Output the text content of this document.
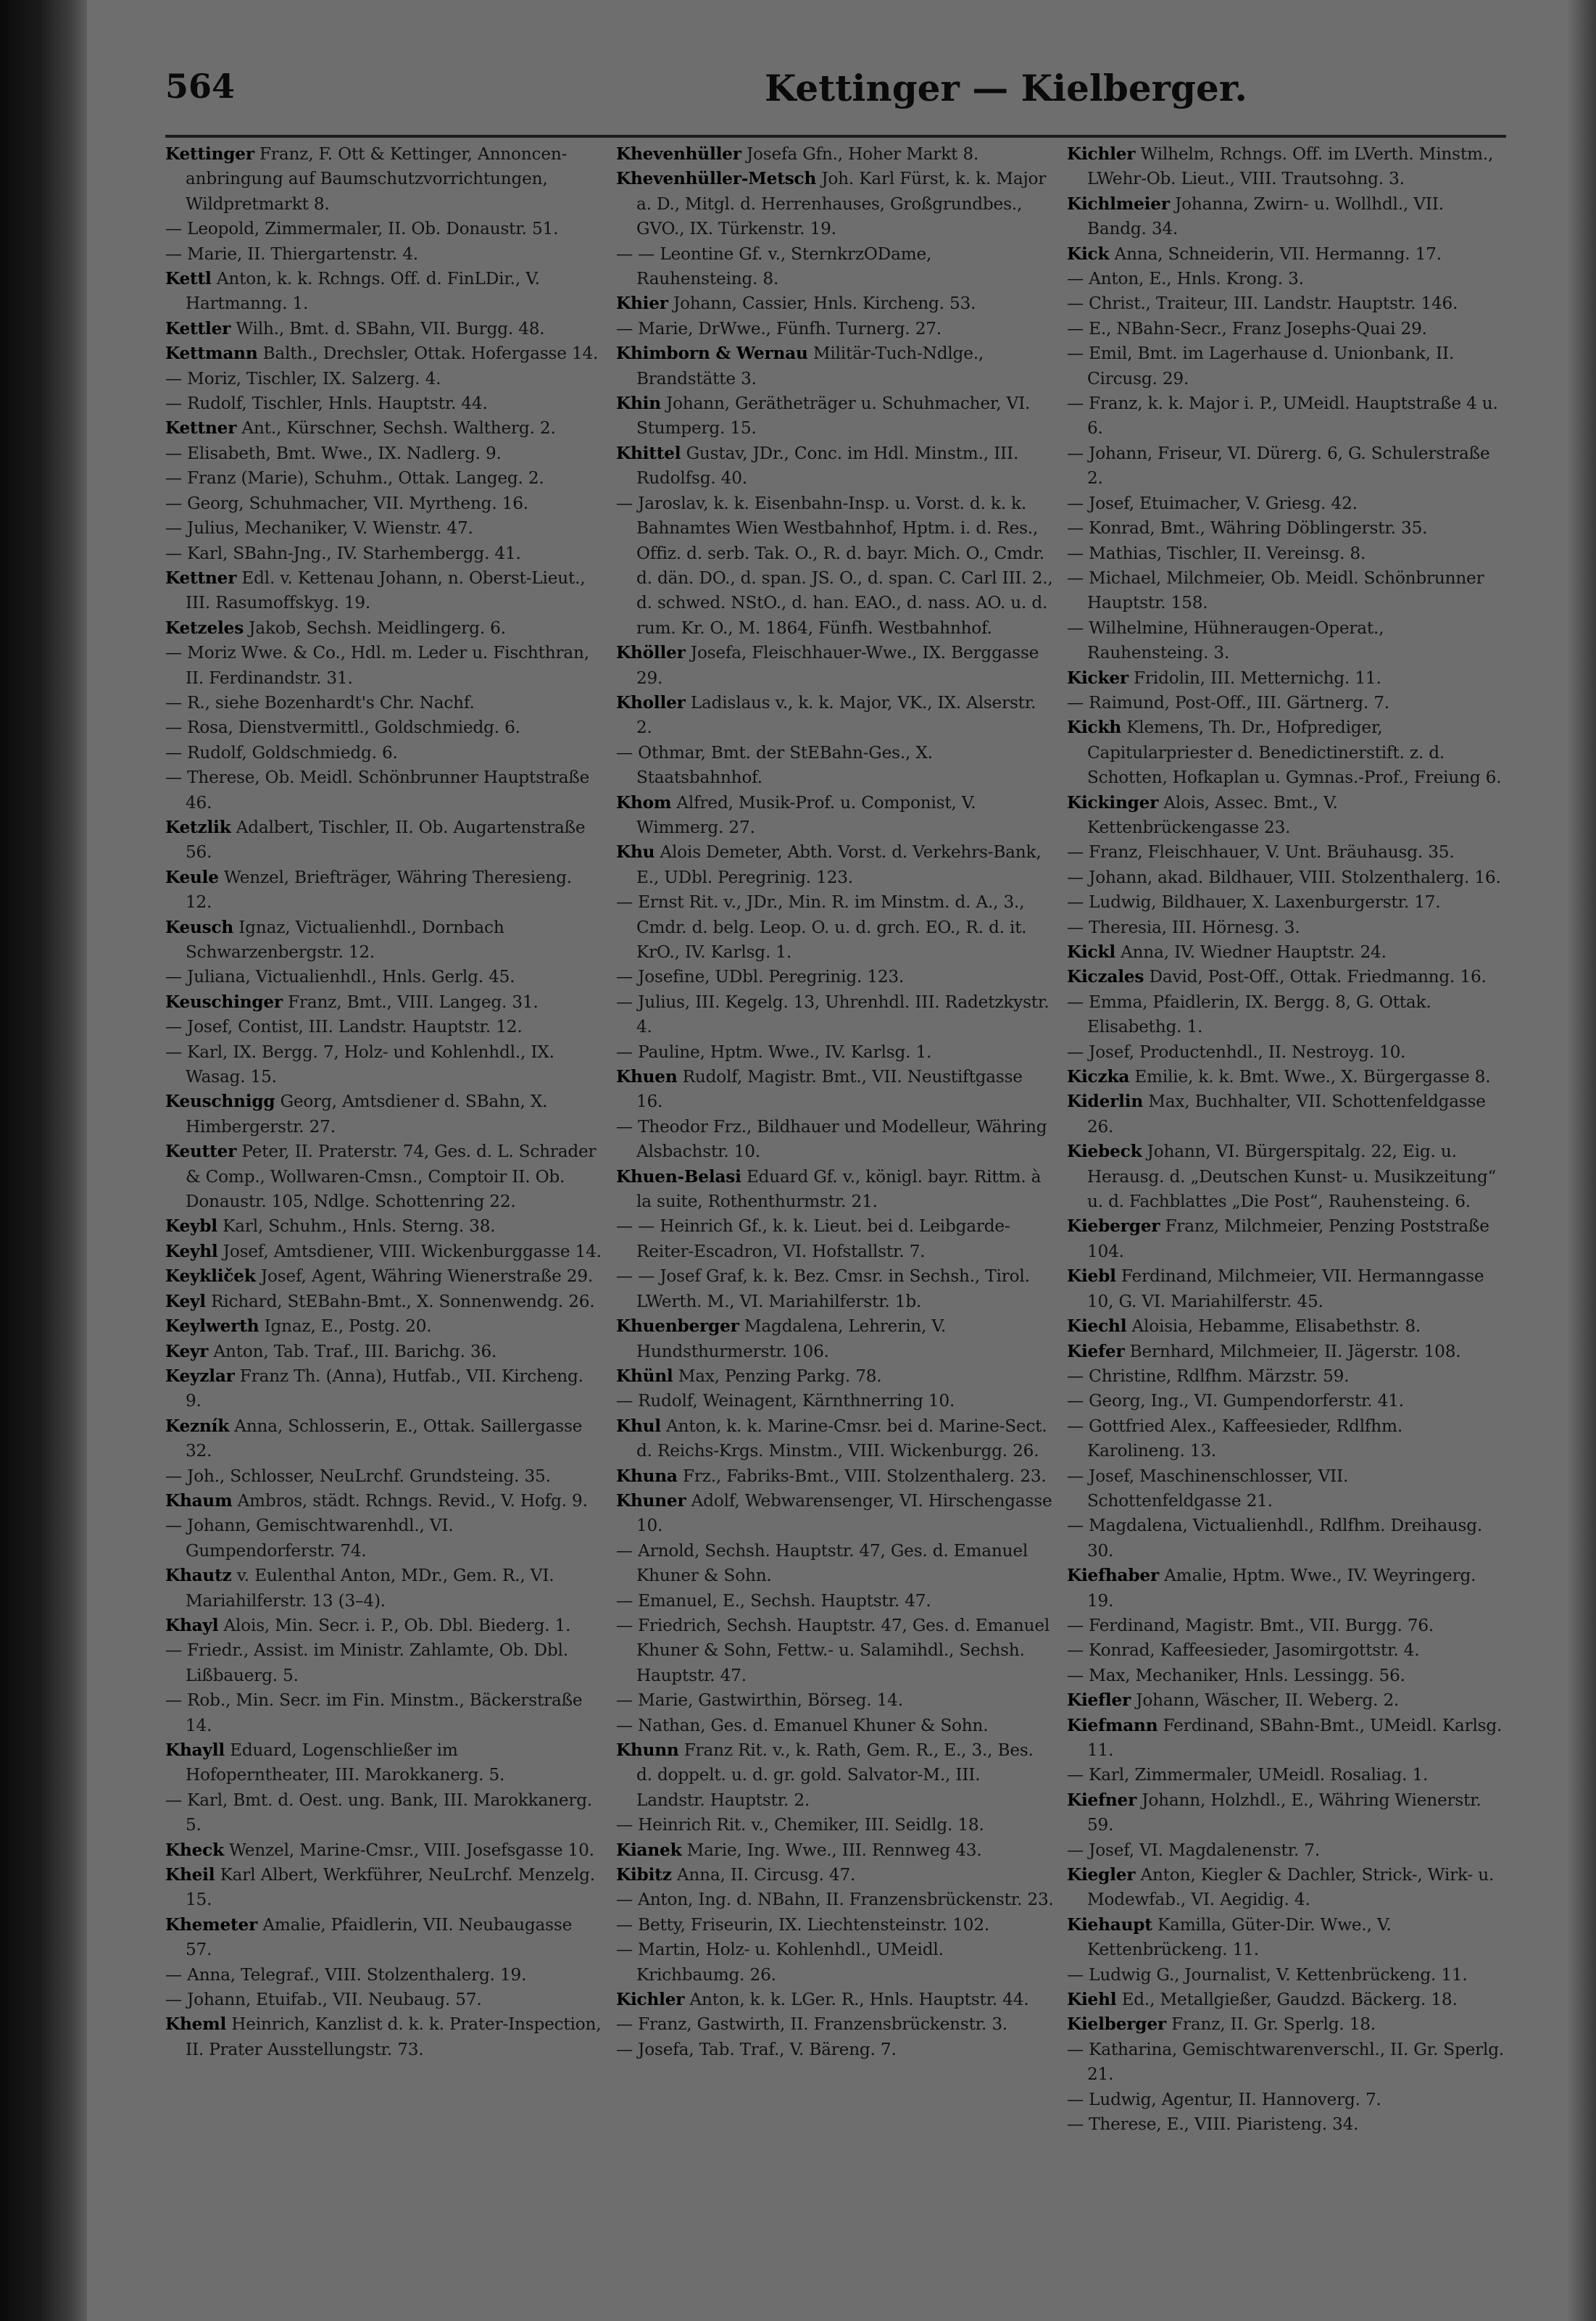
564	Kettinger — Kielberger.
Kettinger Franz, F. Ott & Kettinger, Annoncen-anbringung auf Baumschutzvorrichtungen, Wildpretmarkt 8.
— Leopold, Zimmermaler, II. Ob. Donaustr. 51.
— Marie, II. Thiergartenstr. 4.
Kettl Anton, k. k. Rchngs. Off. d. FinLDir., V. Hartmanng. 1.
Kettler Wilh., Bmt. d. SBahn, VII. Burgg. 48.
Kettmann Balth., Drechsler, Ottak. Hofergasse 14.
— Moriz, Tischler, IX. Salzerg. 4.
— Rudolf, Tischler, Hnls. Hauptstr. 44.
Kettner Ant., Kürschner, Sechsh. Waltherg. 2.
— Elisabeth, Bmt. Wwe., IX. Nadlerg. 9.
— Franz (Marie), Schuhm., Ottak. Langeg. 2.
— Georg, Schuhmacher, VII. Myrtheng. 16.
— Julius, Mechaniker, V. Wienstr. 47.
— Karl, SBahn-Jng., IV. Starhembergg. 41.
Kettner Edl. v. Kettenau Johann, n. Oberst-Lieut., III. Rasumoffskyg. 19.
Ketzeles Jakob, Sechsh. Meidlingerg. 6.
— Moriz Wwe. & Co., Hdl. m. Leder u. Fischthran, II. Ferdinandstr. 31.
— R., siehe Bozenhardt's Chr. Nachf.
— Rosa, Dienstvermittl., Goldschmiedg. 6.
— Rudolf, Goldschmiedg. 6.
— Therese, Ob. Meidl. Schönbrunner Hauptstraße 46.
Ketzlik Adalbert, Tischler, II. Ob. Augartenstraße 56.
Keule Wenzel, Briefträger, Währing Theresieng. 12.
Keusch Ignaz, Victualienhdl., Dornbach Schwarzenbergstr. 12.
— Juliana, Victualienhdl., Hnls. Gerlg. 45.
Keuschinger Franz, Bmt., VIII. Langeg. 31.
— Josef, Contist, III. Landstr. Hauptstr. 12.
— Karl, IX. Bergg. 7, Holz- und Kohlenhdl., IX. Wasag. 15.
Keuschnigg Georg, Amtsdiener d. SBahn, X. Himbergerstr. 27.
Keutter Peter, II. Praterstr. 74, Ges. d. L. Schrader & Comp., Wollwaren-Cmsn., Comptoir II. Ob. Donaustr. 105, Ndlge. Schottenring 22.
Keybl Karl, Schuhm., Hnls. Sterng. 38.
Keyhl Josef, Amtsdiener, VIII. Wickenburggasse 14.
Keykliček Josef, Agent, Währing Wienerstraße 29.
Keyl Richard, StEBahn-Bmt., X. Sonnenwendg. 26.
Keylwerth Ignaz, E., Postg. 20.
Keyr Anton, Tab. Traf., III. Barichg. 36.
Keyzlar Franz Th. (Anna), Hutfab., VII. Kircheng. 9.
Kezník Anna, Schlosserin, E., Ottak. Saillergasse 32.
— Joh., Schlosser, NeuLrchf. Grundsteing. 35.
Khaum Ambros, städt. Rchngs. Revid., V. Hofg. 9.
— Johann, Gemischtwarenhdl., VI. Gumpendorferstr. 74.
Khautz v. Eulenthal Anton, MDr., Gem. R., VI. Mariahilferstr. 13 (3–4).
Khayl Alois, Min. Secr. i. P., Ob. Dbl. Biederg. 1.
— Friedr., Assist. im Ministr. Zahlamte, Ob. Dbl. Lißbauerg. 5.
— Rob., Min. Secr. im Fin. Minstm., Bäckerstraße 14.
Khayll Eduard, Logenschließer im Hofoperntheater, III. Marokkanerg. 5.
— Karl, Bmt. d. Oest. ung. Bank, III. Marokkanerg. 5.
Kheck Wenzel, Marine-Cmsr., VIII. Josefsgasse 10.
Kheil Karl Albert, Werkführer, NeuLrchf. Menzelg. 15.
Khemeter Amalie, Pfaidlerin, VII. Neubaugasse 57.
— Anna, Telegraf., VIII. Stolzenthalerg. 19.
— Johann, Etuifab., VII. Neubaug. 57.
Kheml Heinrich, Kanzlist d. k. k. Prater-Inspection, II. Prater Ausstellungstr. 73.
Khevenhüller Josefa Gfn., Hoher Markt 8.
Khevenhüller-Metsch Joh. Karl Fürst, k. k. Major a. D., Mitgl. d. Herrenhauses, Großgrundbes., GVO., IX. Türkenstr. 19.
— — Leontine Gf. v., SternkrzODame, Rauhensteing. 8.
Khier Johann, Cassier, Hnls. Kircheng. 53.
— Marie, DrWwe., Fünfh. Turnerg. 27.
Khimborn & Wernau Militär-Tuch-Ndlge., Brandstätte 3.
Khin Johann, Gerätheträger u. Schuhmacher, VI. Stumperg. 15.
Khittel Gustav, JDr., Conc. im Hdl. Minstm., III. Rudolfsg. 40.
— Jaroslav, k. k. Eisenbahn-Insp. u. Vorst. d. k. k. Bahnamtes Wien Westbahnhof, Hptm. i. d. Res., Offiz. d. serb. Tak. O., R. d. bayr. Mich. O., Cmdr. d. dän. DO., d. span. JS. O., d. span. C. Carl III. 2., d. schwed. NStO., d. han. EAO., d. nass. AO. u. d. rum. Kr. O., M. 1864, Fünfh. Westbahnhof.
Khöller Josefa, Fleischhauer-Wwe., IX. Berggasse 29.
Kholler Ladislaus v., k. k. Major, VK., IX. Alserstr. 2.
— Othmar, Bmt. der StEBahn-Ges., X. Staatsbahnhof.
Khom Alfred, Musik-Prof. u. Componist, V. Wimmerg. 27.
Khu Alois Demeter, Abth. Vorst. d. Verkehrs-Bank, E., UDbl. Peregrinig. 123.
— Ernst Rit. v., JDr., Min. R. im Minstm. d. A., 3., Cmdr. d. belg. Leop. O. u. d. grch. EO., R. d. it. KrO., IV. Karlsg. 1.
— Josefine, UDbl. Peregrinig. 123.
— Julius, III. Kegelg. 13, Uhrenhdl. III. Radetzkystr. 4.
— Pauline, Hptm. Wwe., IV. Karlsg. 1.
Khuen Rudolf, Magistr. Bmt., VII. Neustiftgasse 16.
— Theodor Frz., Bildhauer und Modelleur, Währing Alsbachstr. 10.
Khuen-Belasi Eduard Gf. v., königl. bayr. Rittm. à la suite, Rothenthurmstr. 21.
— — Heinrich Gf., k. k. Lieut. bei d. Leibgarde-Reiter-Escadron, VI. Hofstallstr. 7.
— — Josef Graf, k. k. Bez. Cmsr. in Sechsh., Tirol. LWerth. M., VI. Mariahilferstr. 1b.
Khuenberger Magdalena, Lehrerin, V. Hundsthurmerstr. 106.
Khünl Max, Penzing Parkg. 78.
— Rudolf, Weinagent, Kärnthnerring 10.
Khul Anton, k. k. Marine-Cmsr. bei d. Marine-Sect. d. Reichs-Krgs. Minstm., VIII. Wickenburgg. 26.
Khuna Frz., Fabriks-Bmt., VIII. Stolzenthalerg. 23.
Khuner Adolf, Webwarensenger, VI. Hirschengasse 10.
— Arnold, Sechsh. Hauptstr. 47, Ges. d. Emanuel Khuner & Sohn.
— Emanuel, E., Sechsh. Hauptstr. 47.
— Friedrich, Sechsh. Hauptstr. 47, Ges. d. Emanuel Khuner & Sohn, Fettw.- u. Salamihdl., Sechsh. Hauptstr. 47.
— Marie, Gastwirthin, Börseg. 14.
— Nathan, Ges. d. Emanuel Khuner & Sohn.
Khunn Franz Rit. v., k. Rath, Gem. R., E., 3., Bes. d. doppelt. u. d. gr. gold. Salvator-M., III. Landstr. Hauptstr. 2.
— Heinrich Rit. v., Chemiker, III. Seidlg. 18.
Kianek Marie, Ing. Wwe., III. Rennweg 43.
Kibitz Anna, II. Circusg. 47.
— Anton, Ing. d. NBahn, II. Franzensbrückenstr. 23.
— Betty, Friseurin, IX. Liechtensteinstr. 102.
— Martin, Holz- u. Kohlenhdl., UMeidl. Krichbaumg. 26.
Kichler Anton, k. k. LGer. R., Hnls. Hauptstr. 44.
— Franz, Gastwirth, II. Franzensbrückenstr. 3.
— Josefa, Tab. Traf., V. Bäreng. 7.
Kichler Wilhelm, Rchngs. Off. im LVerth. Minstm., LWehr-Ob. Lieut., VIII. Trautsohng. 3.
Kichlmeier Johanna, Zwirn- u. Wollhdl., VII. Bandg. 34.
Kick Anna, Schneiderin, VII. Hermanng. 17.
— Anton, E., Hnls. Krong. 3.
— Christ., Traiteur, III. Landstr. Hauptstr. 146.
— E., NBahn-Secr., Franz Josephs-Quai 29.
— Emil, Bmt. im Lagerhause d. Unionbank, II. Circusg. 29.
— Franz, k. k. Major i. P., UMeidl. Hauptstraße 4 u. 6.
— Johann, Friseur, VI. Dürerg. 6, G. Schulerstraße 2.
— Josef, Etuimacher, V. Griesg. 42.
— Konrad, Bmt., Währing Döblingerstr. 35.
— Mathias, Tischler, II. Vereinsg. 8.
— Michael, Milchmeier, Ob. Meidl. Schönbrunner Hauptstr. 158.
— Wilhelmine, Hühneraugen-Operat., Rauhensteing. 3.
Kicker Fridolin, III. Metternichg. 11.
— Raimund, Post-Off., III. Gärtnerg. 7.
Kickh Klemens, Th. Dr., Hofprediger, Capitularpriester d. Benedictinerstift. z. d. Schotten, Hofkaplan u. Gymnas.-Prof., Freiung 6.
Kickinger Alois, Assec. Bmt., V. Kettenbrückengasse 23.
— Franz, Fleischhauer, V. Unt. Bräuhausg. 35.
— Johann, akad. Bildhauer, VIII. Stolzenthalerg. 16.
— Ludwig, Bildhauer, X. Laxenburgerstr. 17.
— Theresia, III. Hörnesg. 3.
Kickl Anna, IV. Wiedner Hauptstr. 24.
Kiczales David, Post-Off., Ottak. Friedmanng. 16.
— Emma, Pfaidlerin, IX. Bergg. 8, G. Ottak. Elisabethg. 1.
— Josef, Productenhdl., II. Nestroyg. 10.
Kiczka Emilie, k. k. Bmt. Wwe., X. Bürgergasse 8.
Kiderlin Max, Buchhalter, VII. Schottenfeldgasse 26.
Kiebeck Johann, VI. Bürgerspitalg. 22, Eig. u. Herausg. d. „Deutschen Kunst- u. Musikzeitung“ u. d. Fachblattes „Die Post“, Rauhensteing. 6.
Kieberger Franz, Milchmeier, Penzing Poststraße 104.
Kiebl Ferdinand, Milchmeier, VII. Hermanngasse 10, G. VI. Mariahilferstr. 45.
Kiechl Aloisia, Hebamme, Elisabethstr. 8.
Kiefer Bernhard, Milchmeier, II. Jägerstr. 108.
— Christine, Rdlfhm. Märzstr. 59.
— Georg, Ing., VI. Gumpendorferstr. 41.
— Gottfried Alex., Kaffeesieder, Rdlfhm. Karolineng. 13.
— Josef, Maschinenschlosser, VII. Schottenfeldgasse 21.
— Magdalena, Victualienhdl., Rdlfhm. Dreihausg. 30.
Kiefhaber Amalie, Hptm. Wwe., IV. Weyringerg. 19.
— Ferdinand, Magistr. Bmt., VII. Burgg. 76.
— Konrad, Kaffeesieder, Jasomirgottstr. 4.
— Max, Mechaniker, Hnls. Lessingg. 56.
Kiefler Johann, Wäscher, II. Weberg. 2.
Kiefmann Ferdinand, SBahn-Bmt., UMeidl. Karlsg. 11.
— Karl, Zimmermaler, UMeidl. Rosaliag. 1.
Kiefner Johann, Holzhdl., E., Währing Wienerstr. 59.
— Josef, VI. Magdalenenstr. 7.
Kiegler Anton, Kiegler & Dachler, Strick-, Wirk- u. Modewfab., VI. Aegidig. 4.
Kiehaupt Kamilla, Güter-Dir. Wwe., V. Kettenbrückeng. 11.
— Ludwig G., Journalist, V. Kettenbrückeng. 11.
Kiehl Ed., Metallgießer, Gaudzd. Bäckerg. 18.
Kielberger Franz, II. Gr. Sperlg. 18.
— Katharina, Gemischtwarenverschl., II. Gr. Sperlg. 21.
— Ludwig, Agentur, II. Hannoverg. 7.
— Therese, E., VIII. Piaristeng. 34.
